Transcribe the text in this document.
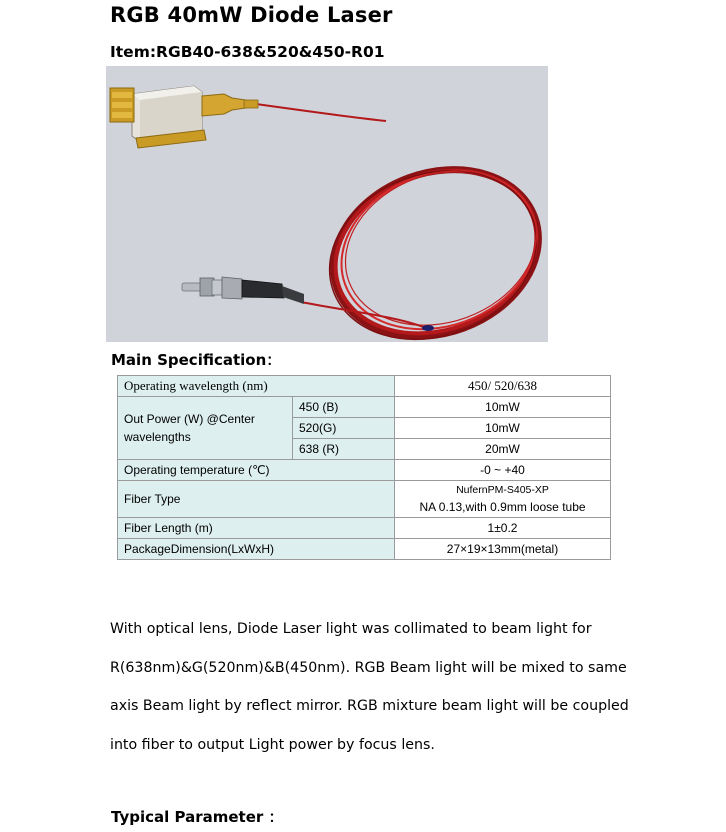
RGB 40mW Diode Laser
Item:RGB40-638&520&450-R01
Main Specification：
Operating wavelength (nm)		450/ 520/638
Out Power (W) @Center wavelengths	450 (B)	10mW
	520(G)	10mW
	638 (R)	20mW
Operating temperature (℃)		-0 ~ +40
Fiber Type		NufernPM-S405-XP
NA 0.13,with 0.9mm loose tube

Fiber Length (m)		1±0.2
PackageDimension(LxWxH)		27×19×13mm(metal)
With optical lens, Diode Laser light was collimated to beam light for
R(638nm)&G(520nm)&B(450nm). RGB Beam light will be mixed to same
axis Beam light by reflect mirror. RGB mixture beam light will be coupled
into fiber to output Light power by focus lens.
Typical Parameter ：
